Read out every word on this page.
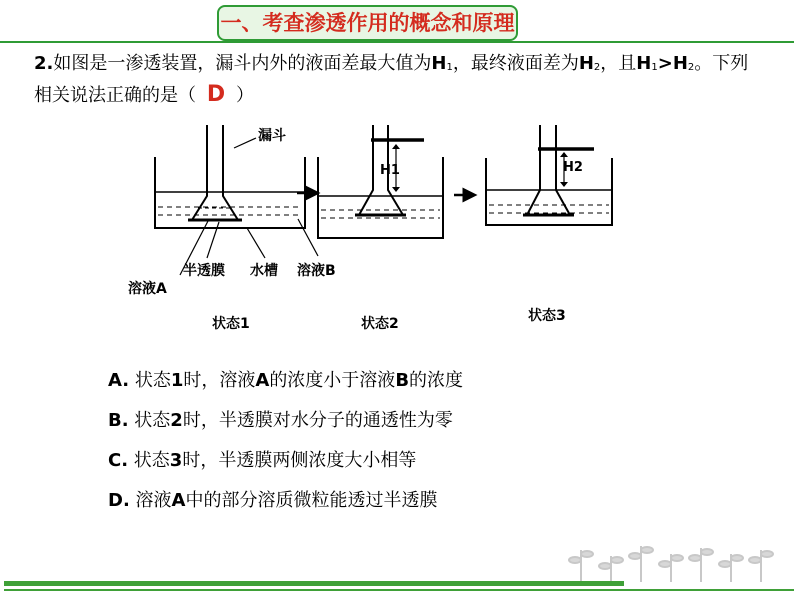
一、考查渗透作用的概念和原理
2.如图是一渗透装置，漏斗内外的液面差最大值为$H_1$，最终液面差为$H_2$，且$H_1>H_2$。下列相关说法正确的是（ D ）
漏斗
溶液A
半透膜 水槽 溶液B
H1	H2
状态1	状态2	状态3
A. 状态1时，溶液A的浓度小于溶液B的浓度
B. 状态2时，半透膜对水分子的通透性为零
C. 状态3时，半透膜两侧浓度大小相等
D. 溶液A中的部分溶质微粒能透过半透膜
